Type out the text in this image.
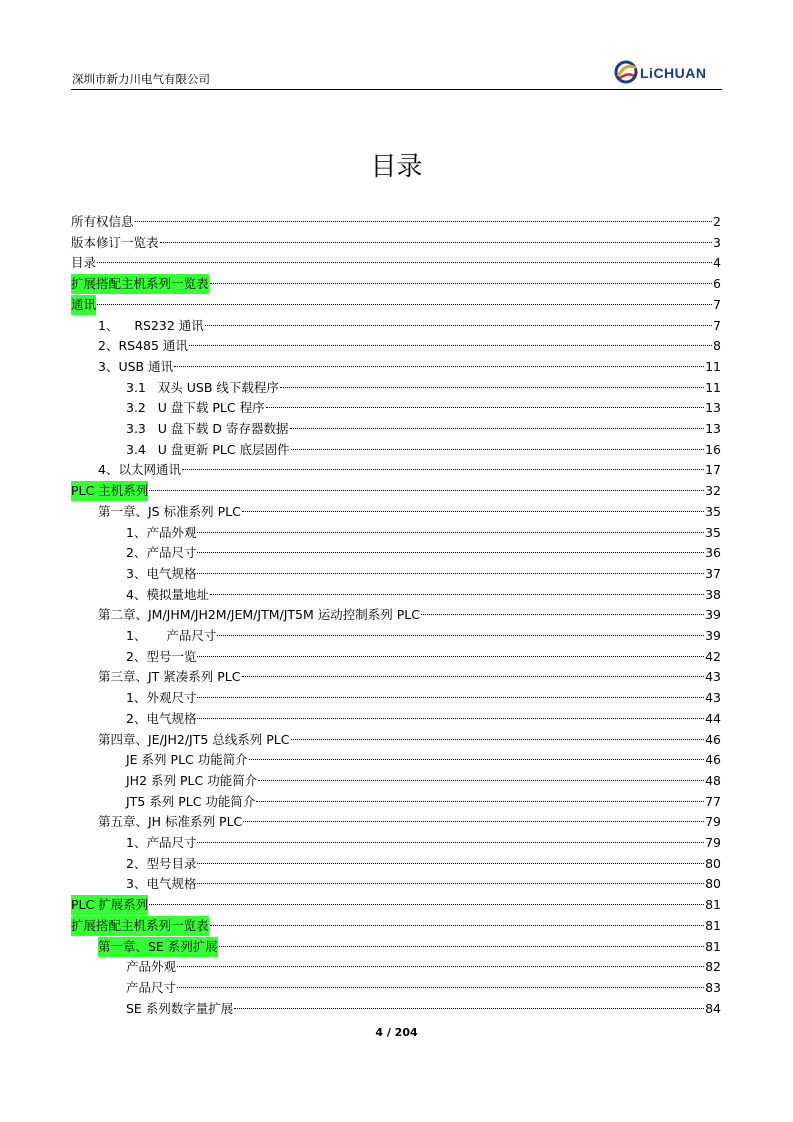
深圳市新力川电气有限公司	LiCHUAN
目录
所有权信息	2
版本修订一览表	3
目录	4
扩展搭配主机系列一览表	6
通讯	7
1、    RS232 通讯	7
2、RS485 通讯	8
3、USB 通讯	11
3.1   双头 USB 线下载程序	11
3.2   U 盘下载 PLC 程序	13
3.3   U 盘下载 D 寄存器数据	13
3.4   U 盘更新 PLC 底层固件	16
4、以太网通讯	17
PLC 主机系列	32
第一章、JS 标准系列 PLC	35
1、产品外观	35
2、产品尺寸	36
3、电气规格	37
4、模拟量地址	38
第二章、JM/JHM/JH2M/JEM/JTM/JT5M 运动控制系列 PLC	39
1、     产品尺寸	39
2、型号一览	42
第三章、JT 紧凑系列 PLC	43
1、外观尺寸	43
2、电气规格	44
第四章、JE/JH2/JT5 总线系列 PLC	46
JE 系列 PLC 功能简介	46
JH2 系列 PLC 功能简介	48
JT5 系列 PLC 功能简介	77
第五章、JH 标准系列 PLC	79
1、产品尺寸	79
2、型号目录	80
3、电气规格	80
PLC 扩展系列	81
扩展搭配主机系列一览表	81
第一章、SE 系列扩展	81
产品外观	82
产品尺寸	83
SE 系列数字量扩展	84
4 / 204
